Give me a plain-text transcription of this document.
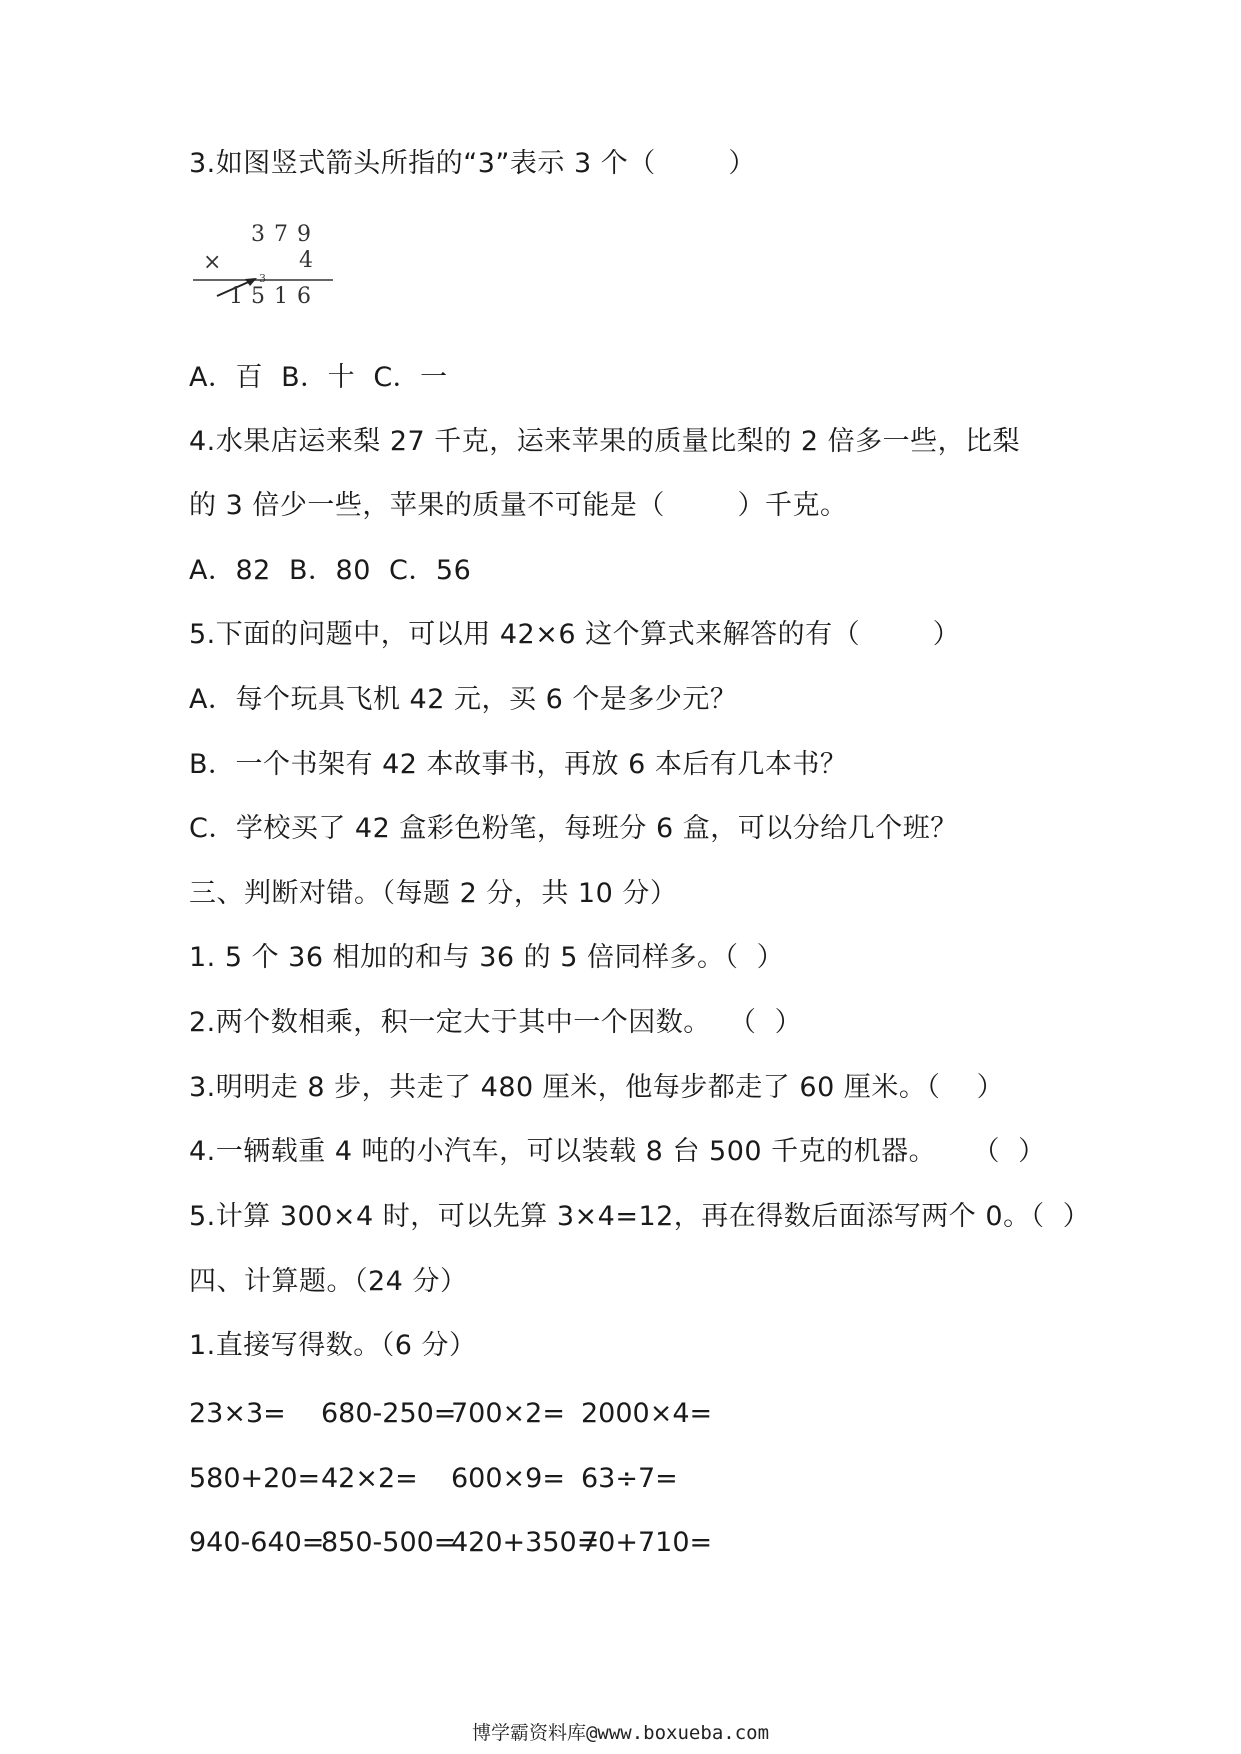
3.如图竖式箭头所指的“3”表示 3 个（        ）
3 7 9
×	4
3
1 5 1 6
A．百  B．十  C．一
4.水果店运来梨 27 千克，运来苹果的质量比梨的 2 倍多一些，比梨
的 3 倍少一些，苹果的质量不可能是（        ）千克。
A．82  B．80  C．56
5.下面的问题中，可以用 42×6 这个算式来解答的有（        ）
A．每个玩具飞机 42 元，买 6 个是多少元？
B．一个书架有 42 本故事书，再放 6 本后有几本书？
C．学校买了 42 盒彩色粉笔，每班分 6 盒，可以分给几个班？
三、判断对错。（每题 2 分，共 10 分）
1. 5 个 36 相加的和与 36 的 5 倍同样多。（  ）
2.两个数相乘，积一定大于其中一个因数。  （  ）
3.明明走 8 步，共走了 480 厘米，他每步都走了 60 厘米。（    ）
4.一辆载重 4 吨的小汽车，可以装载 8 台 500 千克的机器。    （  ）
5.计算 300×4 时，可以先算 3×4=12，再在得数后面添写两个 0。（  ）
四、计算题。（24 分）
1.直接写得数。（6 分）

23×3=

680-250=

700×2=

2000×4=

580+20=

42×2=

600×9=

63÷7=

940-640=

850-500=

420+350=

70+710=

博学霸资料库@www.boxueba.com
